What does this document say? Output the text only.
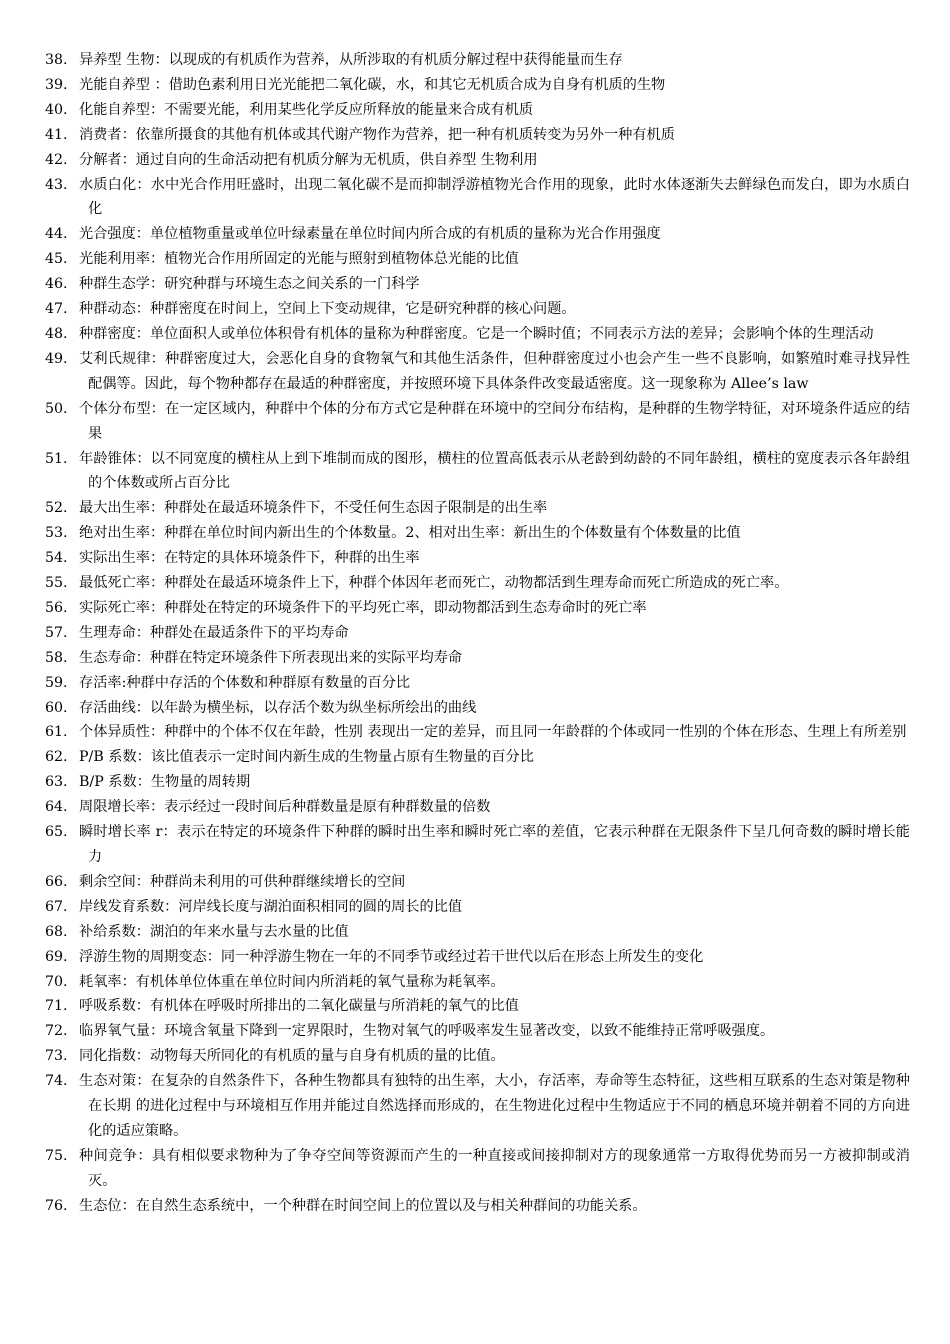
38. 异养型 生物：以现成的有机质作为营养，从所涉取的有机质分解过程中获得能量而生存
39. 光能自养型 ：借助色素利用日光光能把二氧化碳，水，和其它无机质合成为自身有机质的生物
40. 化能自养型：不需要光能，利用某些化学反应所释放的能量来合成有机质
41. 消费者：依靠所摄食的其他有机体或其代谢产物作为营养，把一种有机质转变为另外一种有机质
42. 分解者：通过自向的生命活动把有机质分解为无机质，供自养型 生物利用
43. 水质白化：水中光合作用旺盛时，出现二氧化碳不是而抑制浮游植物光合作用的现象，此时水体逐渐失去鲜绿色而发白，即为水质白化
44. 光合强度：单位植物重量或单位叶绿素量在单位时间内所合成的有机质的量称为光合作用强度
45. 光能利用率：植物光合作用所固定的光能与照射到植物体总光能的比值
46. 种群生态学：研究种群与环境生态之间关系的一门科学
47. 种群动态：种群密度在时间上，空间上下变动规律，它是研究种群的核心问题。
48. 种群密度：单位面积人或单位体积骨有机体的量称为种群密度。它是一个瞬时值；不同表示方法的差异；会影响个体的生理活动
49. 艾利氏规律：种群密度过大，会恶化自身的食物氧气和其他生活条件，但种群密度过小也会产生一些不良影响，如繁殖时难寻找异性配偶等。因此，每个物种都存在最适的种群密度，并按照环境下具体条件改变最适密度。这一现象称为 Allee’s law
50. 个体分布型：在一定区域内，种群中个体的分布方式它是种群在环境中的空间分布结构，是种群的生物学特征，对环境条件适应的结果
51. 年龄锥体：以不同宽度的横柱从上到下堆制而成的图形，横柱的位置高低表示从老龄到幼龄的不同年龄组，横柱的宽度表示各年龄组的个体数或所占百分比
52. 最大出生率：种群处在最适环境条件下，不受任何生态因子限制是的出生率
53. 绝对出生率：种群在单位时间内新出生的个体数量。2、相对出生率：新出生的个体数量有个体数量的比值
54. 实际出生率：在特定的具体环境条件下，种群的出生率
55. 最低死亡率：种群处在最适环境条件上下，种群个体因年老而死亡，动物都活到生理寿命而死亡所造成的死亡率。
56. 实际死亡率：种群处在特定的环境条件下的平均死亡率，即动物都活到生态寿命时的死亡率
57. 生理寿命：种群处在最适条件下的平均寿命
58. 生态寿命：种群在特定环境条件下所表现出来的实际平均寿命
59. 存活率:种群中存活的个体数和种群原有数量的百分比
60. 存活曲线：以年龄为横坐标，以存活个数为纵坐标所绘出的曲线
61. 个体异质性：种群中的个体不仅在年龄，性别 表现出一定的差异，而且同一年龄群的个体或同一性别的个体在形态、生理上有所差别
62. P/B 系数：该比值表示一定时间内新生成的生物量占原有生物量的百分比
63. B/P 系数：生物量的周转期
64. 周限增长率：表示经过一段时间后种群数量是原有种群数量的倍数
65. 瞬时增长率 r：表示在特定的环境条件下种群的瞬时出生率和瞬时死亡率的差值，它表示种群在无限条件下呈几何奇数的瞬时增长能力
66. 剩余空间：种群尚未利用的可供种群继续增长的空间
67. 岸线发育系数：河岸线长度与湖泊面积相同的圆的周长的比值
68. 补给系数：湖泊的年来水量与去水量的比值
69. 浮游生物的周期变态：同一种浮游生物在一年的不同季节或经过若干世代以后在形态上所发生的变化
70. 耗氧率：有机体单位体重在单位时间内所消耗的氧气量称为耗氧率。
71. 呼吸系数：有机体在呼吸时所排出的二氧化碳量与所消耗的氧气的比值
72. 临界氧气量：环境含氧量下降到一定界限时，生物对氧气的呼吸率发生显著改变，以致不能维持正常呼吸强度。
73. 同化指数：动物每天所同化的有机质的量与自身有机质的量的比值。
74. 生态对策：在复杂的自然条件下，各种生物都具有独特的出生率，大小，存活率，寿命等生态特征，这些相互联系的生态对策是物种在长期 的进化过程中与环境相互作用并能过自然选择而形成的，在生物进化过程中生物适应于不同的栖息环境并朝着不同的方向进化的适应策略。
75. 种间竞争：具有相似要求物种为了争夺空间等资源而产生的一种直接或间接抑制对方的现象通常一方取得优势而另一方被抑制或消灭。
76. 生态位：在自然生态系统中，一个种群在时间空间上的位置以及与相关种群间的功能关系。
